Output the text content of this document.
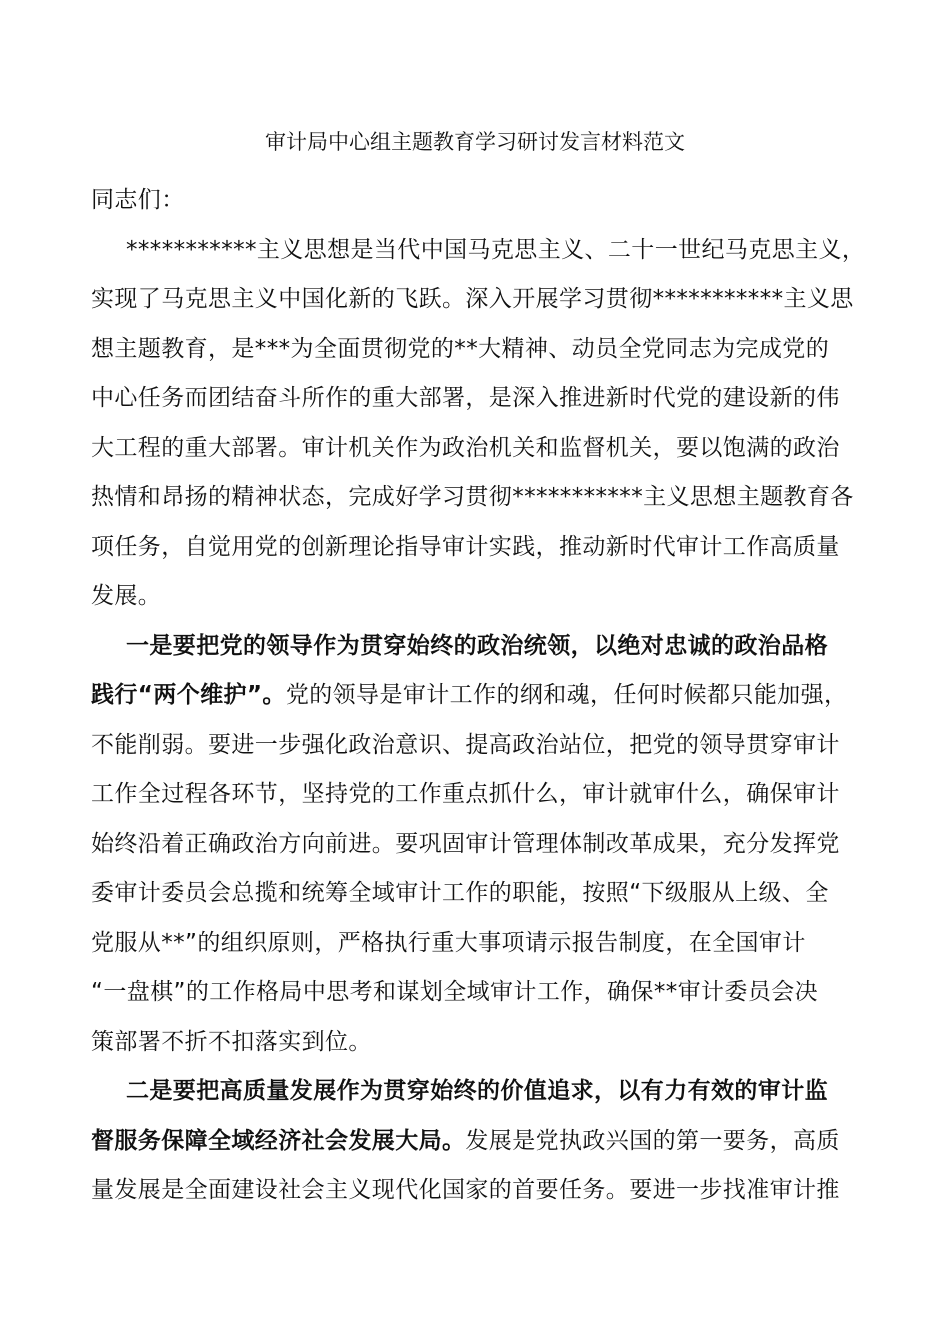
审计局中心组主题教育学习研讨发言材料范文
同志们：
***********主义思想是当代中国马克思主义、二十一世纪马克思主义，
实现了马克思主义中国化新的飞跃。深入开展学习贯彻***********主义思
想主题教育，是***为全面贯彻党的**大精神、动员全党同志为完成党的
中心任务而团结奋斗所作的重大部署，是深入推进新时代党的建设新的伟
大工程的重大部署。审计机关作为政治机关和监督机关，要以饱满的政治
热情和昂扬的精神状态，完成好学习贯彻***********主义思想主题教育各
项任务，自觉用党的创新理论指导审计实践，推动新时代审计工作高质量
发展。
一是要把党的领导作为贯穿始终的政治统领，以绝对忠诚的政治品格
践行“两个维护”。党的领导是审计工作的纲和魂，任何时候都只能加强，
不能削弱。要进一步强化政治意识、提高政治站位，把党的领导贯穿审计
工作全过程各环节，坚持党的工作重点抓什么，审计就审什么，确保审计
始终沿着正确政治方向前进。要巩固审计管理体制改革成果，充分发挥党
委审计委员会总揽和统筹全域审计工作的职能，按照“下级服从上级、全
党服从**”的组织原则，严格执行重大事项请示报告制度，在全国审计
“一盘棋”的工作格局中思考和谋划全域审计工作，确保**审计委员会决
策部署不折不扣落实到位。
二是要把高质量发展作为贯穿始终的价值追求，以有力有效的审计监
督服务保障全域经济社会发展大局。发展是党执政兴国的第一要务，高质
量发展是全面建设社会主义现代化国家的首要任务。要进一步找准审计推
